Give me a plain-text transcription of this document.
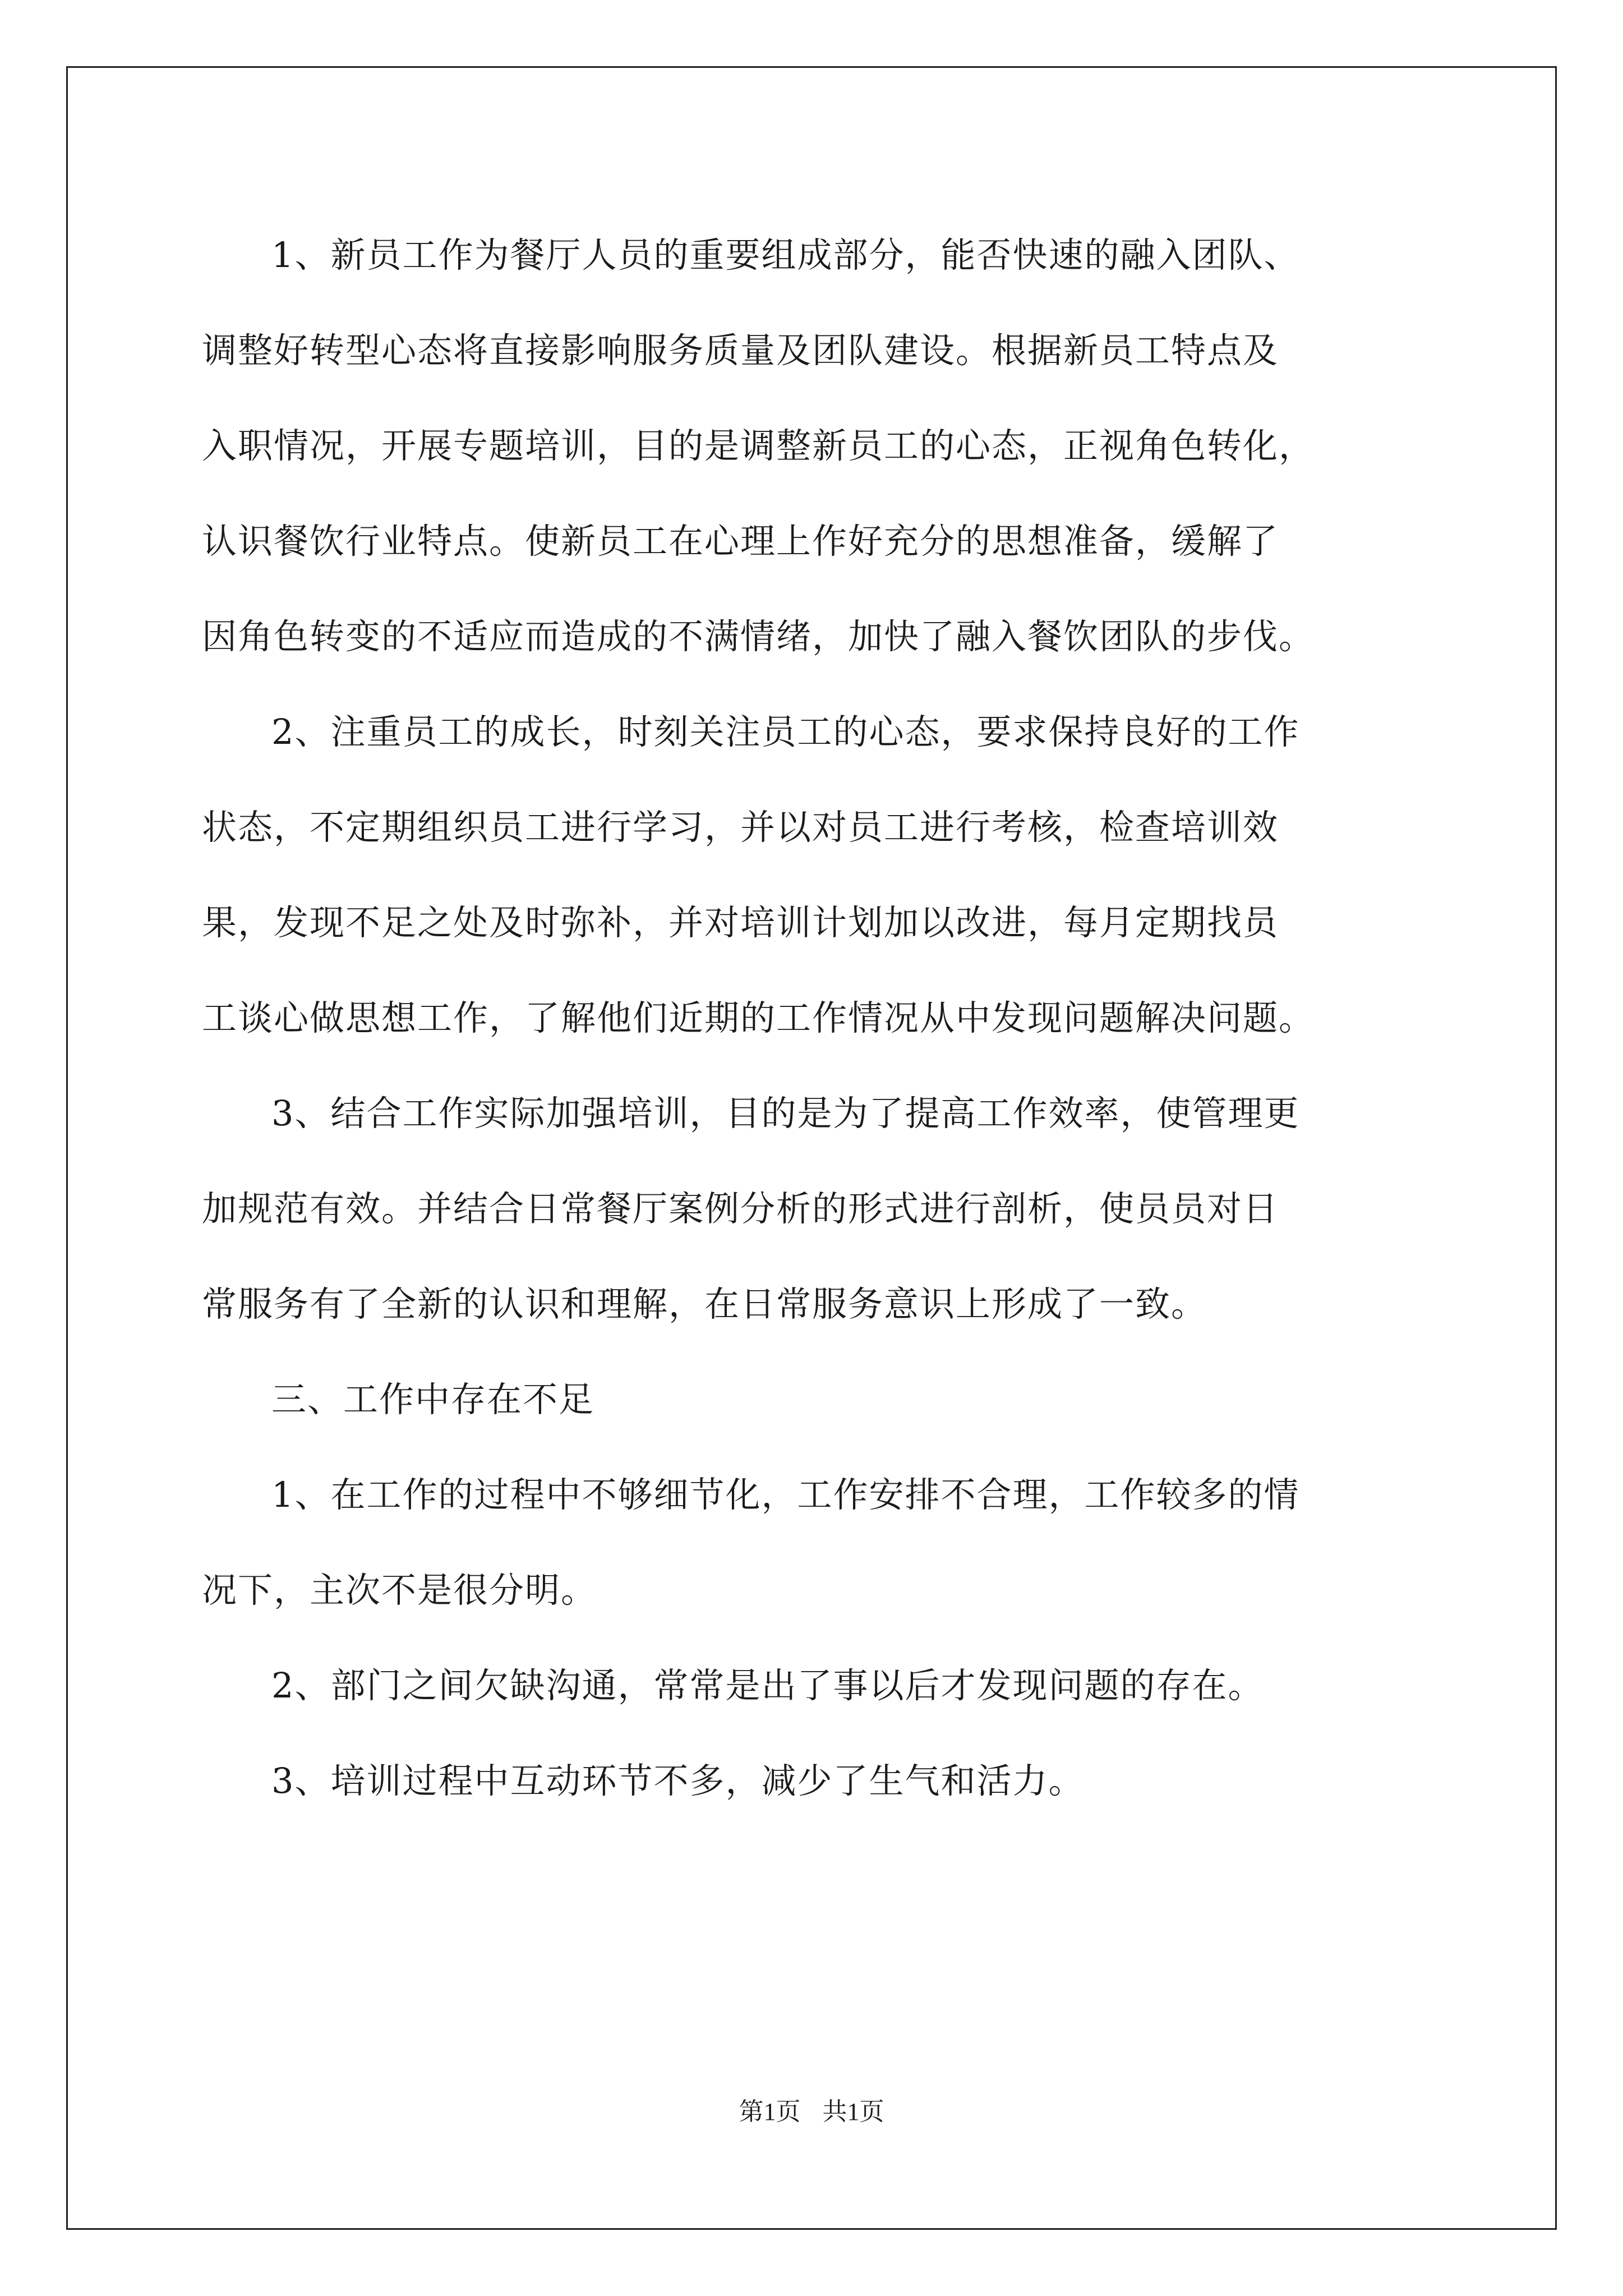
1、新员工作为餐厅人员的重要组成部分，能否快速的融入团队、
调整好转型心态将直接影响服务质量及团队建设。根据新员工特点及
入职情况，开展专题培训，目的是调整新员工的心态，正视角色转化，
认识餐饮行业特点。使新员工在心理上作好充分的思想准备，缓解了
因角色转变的不适应而造成的不满情绪，加快了融入餐饮团队的步伐。

2、注重员工的成长，时刻关注员工的心态，要求保持良好的工作
状态，不定期组织员工进行学习，并以对员工进行考核，检查培训效
果，发现不足之处及时弥补，并对培训计划加以改进，每月定期找员
工谈心做思想工作，了解他们近期的工作情况从中发现问题解决问题。

3、结合工作实际加强培训，目的是为了提高工作效率，使管理更
加规范有效。并结合日常餐厅案例分析的形式进行剖析，使员员对日
常服务有了全新的认识和理解，在日常服务意识上形成了一致。

三、工作中存在不足

1、在工作的过程中不够细节化，工作安排不合理，工作较多的情
况下，主次不是很分明。

2、部门之间欠缺沟通，常常是出了事以后才发现问题的存在。

3、培训过程中互动环节不多，减少了生气和活力。

第1页 共1页
